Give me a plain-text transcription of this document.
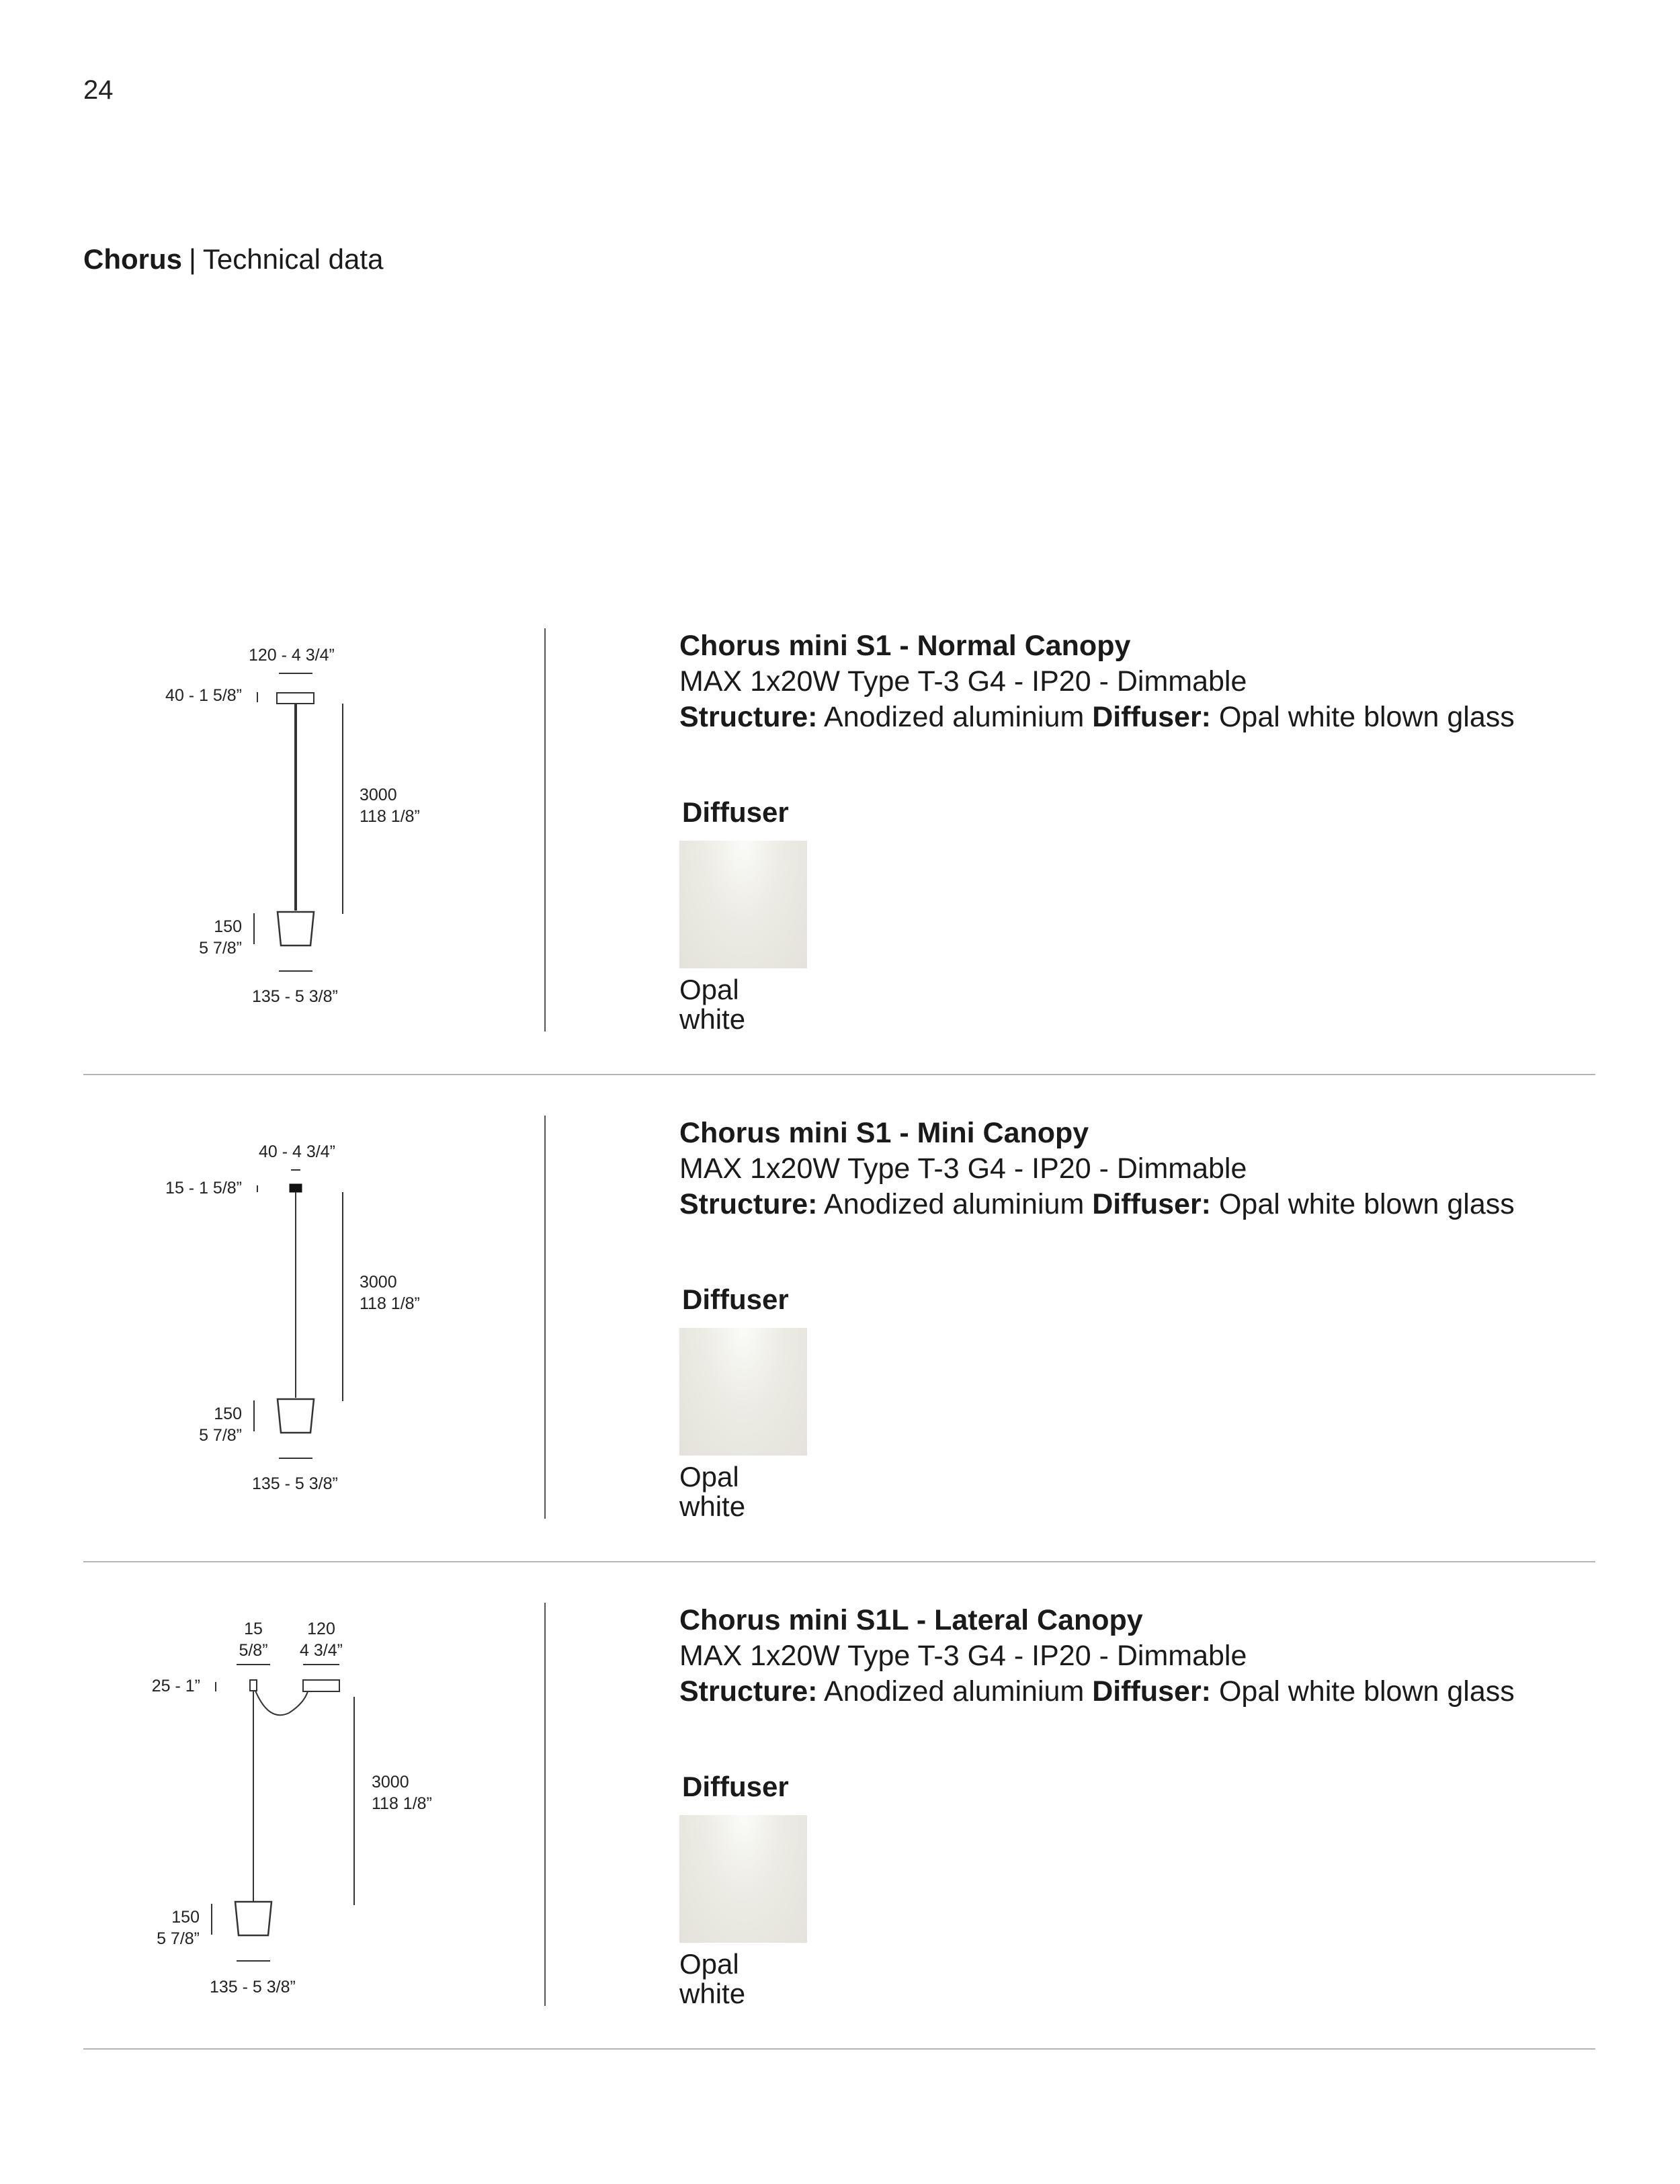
24
Chorus | Technical data
120 - 4 3/4”
40 - 1 5/8”
3000
118 1/8”
150
5 7/8”
135 - 5 3/8”
Chorus mini S1 - Normal Canopy
MAX 1x20W Type T-3 G4 - IP20 - Dimmable
Structure: Anodized aluminium Diffuser: Opal white blown glass
Diffuser
Opal
white
40 - 4 3/4”
15 - 1 5/8”
3000
118 1/8”
150
5 7/8”
135 - 5 3/8”
Chorus mini S1 - Mini Canopy
MAX 1x20W Type T-3 G4 - IP20 - Dimmable
Structure: Anodized aluminium Diffuser: Opal white blown glass
Diffuser
Opal
white
15
5/8”
120
4 3/4”
25 - 1”
3000
118 1/8”
150
5 7/8”
135 - 5 3/8”
Chorus mini S1L - Lateral Canopy
MAX 1x20W Type T-3 G4 - IP20 - Dimmable
Structure: Anodized aluminium Diffuser: Opal white blown glass
Diffuser
Opal
white
